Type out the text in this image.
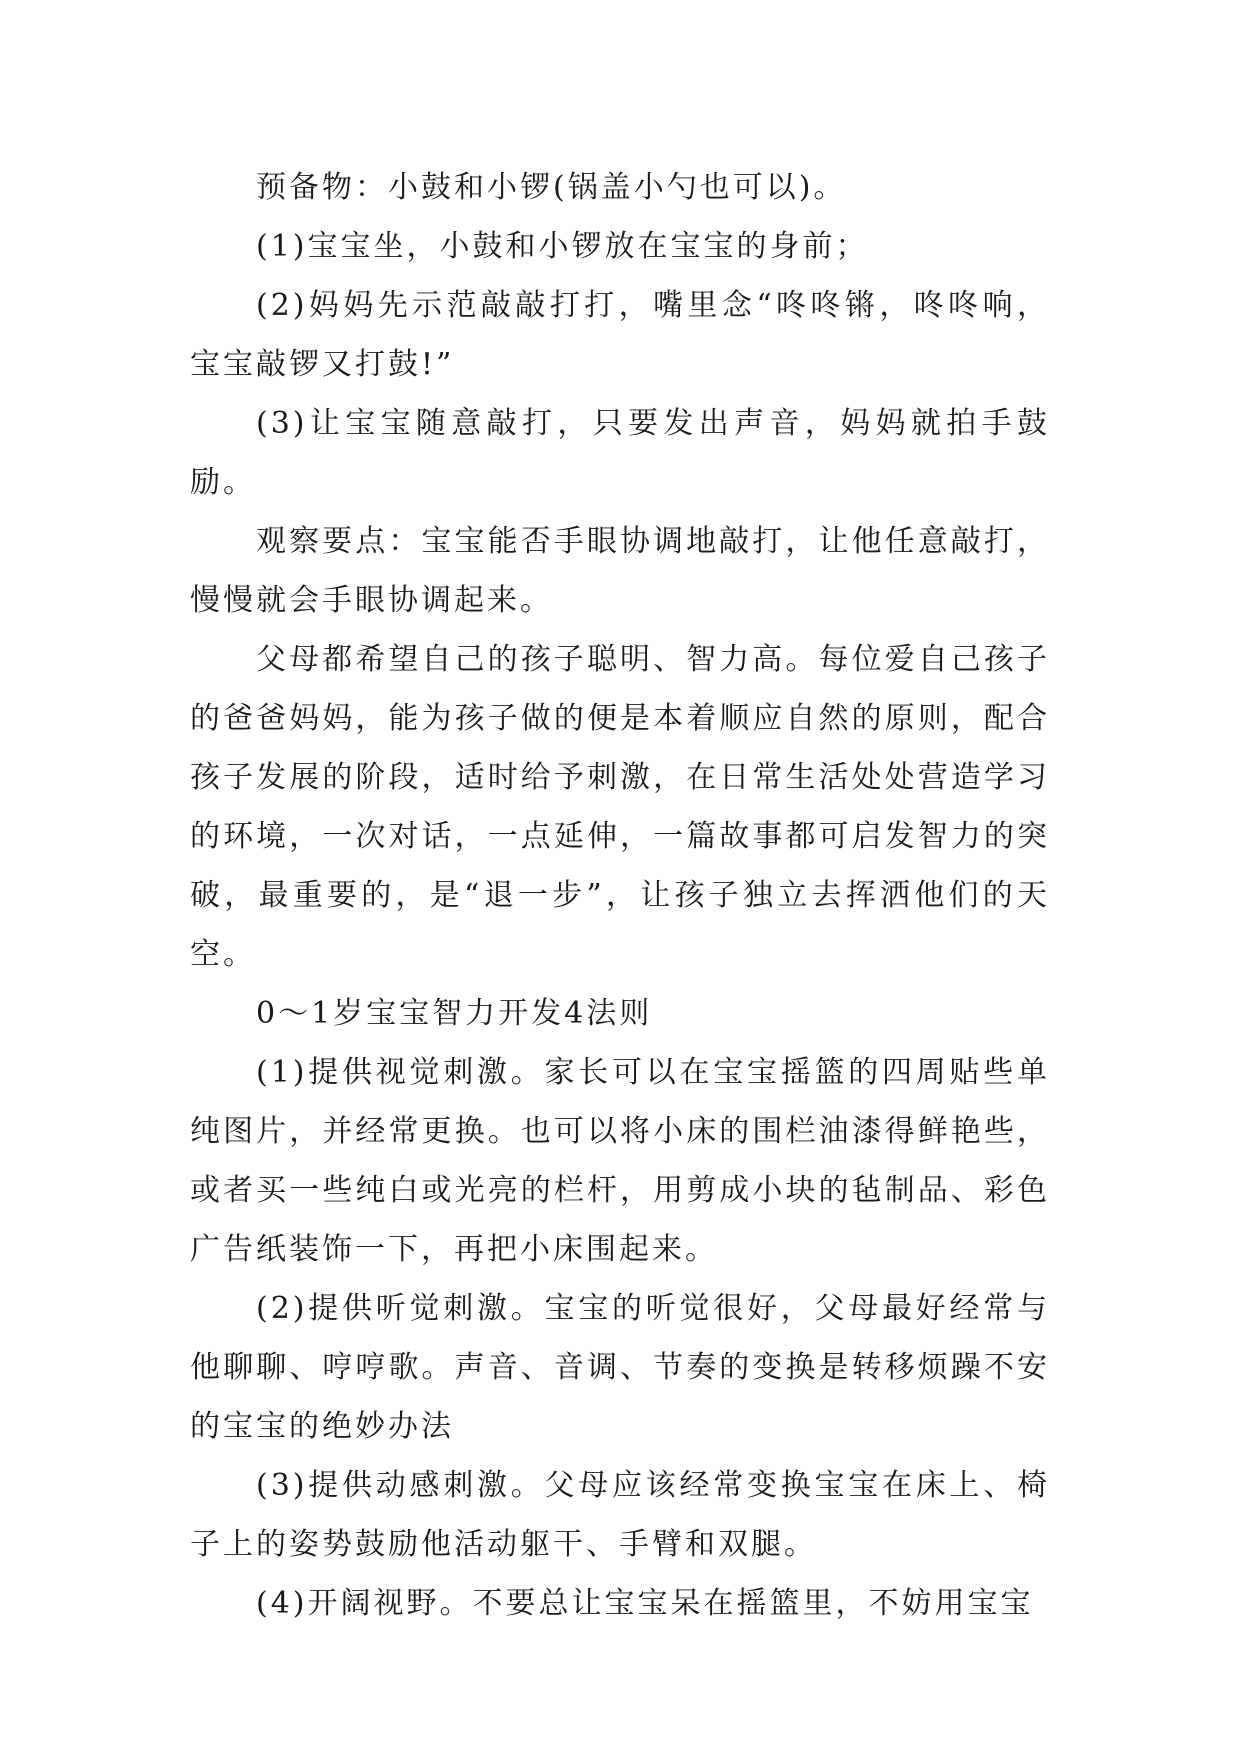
预备物：小鼓和小锣(锅盖小勺也可以)。

(1)宝宝坐，小鼓和小锣放在宝宝的身前；

(2)妈妈先示范敲敲打打，嘴里念“咚咚锵，咚咚响，宝宝敲锣又打鼓!”

(3)让宝宝随意敲打，只要发出声音，妈妈就拍手鼓励。

观察要点：宝宝能否手眼协调地敲打，让他任意敲打，慢慢就会手眼协调起来。

父母都希望自己的孩子聪明、智力高。每位爱自己孩子的爸爸妈妈，能为孩子做的便是本着顺应自然的原则，配合孩子发展的阶段，适时给予刺激，在日常生活处处营造学习的环境，一次对话，一点延伸，一篇故事都可启发智力的突破，最重要的，是“退一步”，让孩子独立去挥洒他们的天空。

0～1岁宝宝智力开发4法则

(1)提供视觉刺激。家长可以在宝宝摇篮的四周贴些单纯图片，并经常更换。也可以将小床的围栏油漆得鲜艳些，或者买一些纯白或光亮的栏杆，用剪成小块的毡制品、彩色广告纸装饰一下，再把小床围起来。

(2)提供听觉刺激。宝宝的听觉很好，父母最好经常与他聊聊、哼哼歌。声音、音调、节奏的变换是转移烦躁不安的宝宝的绝妙办法

(3)提供动感刺激。父母应该经常变换宝宝在床上、椅子上的姿势鼓励他活动躯干、手臂和双腿。

(4)开阔视野。不要总让宝宝呆在摇篮里，不妨用宝宝
